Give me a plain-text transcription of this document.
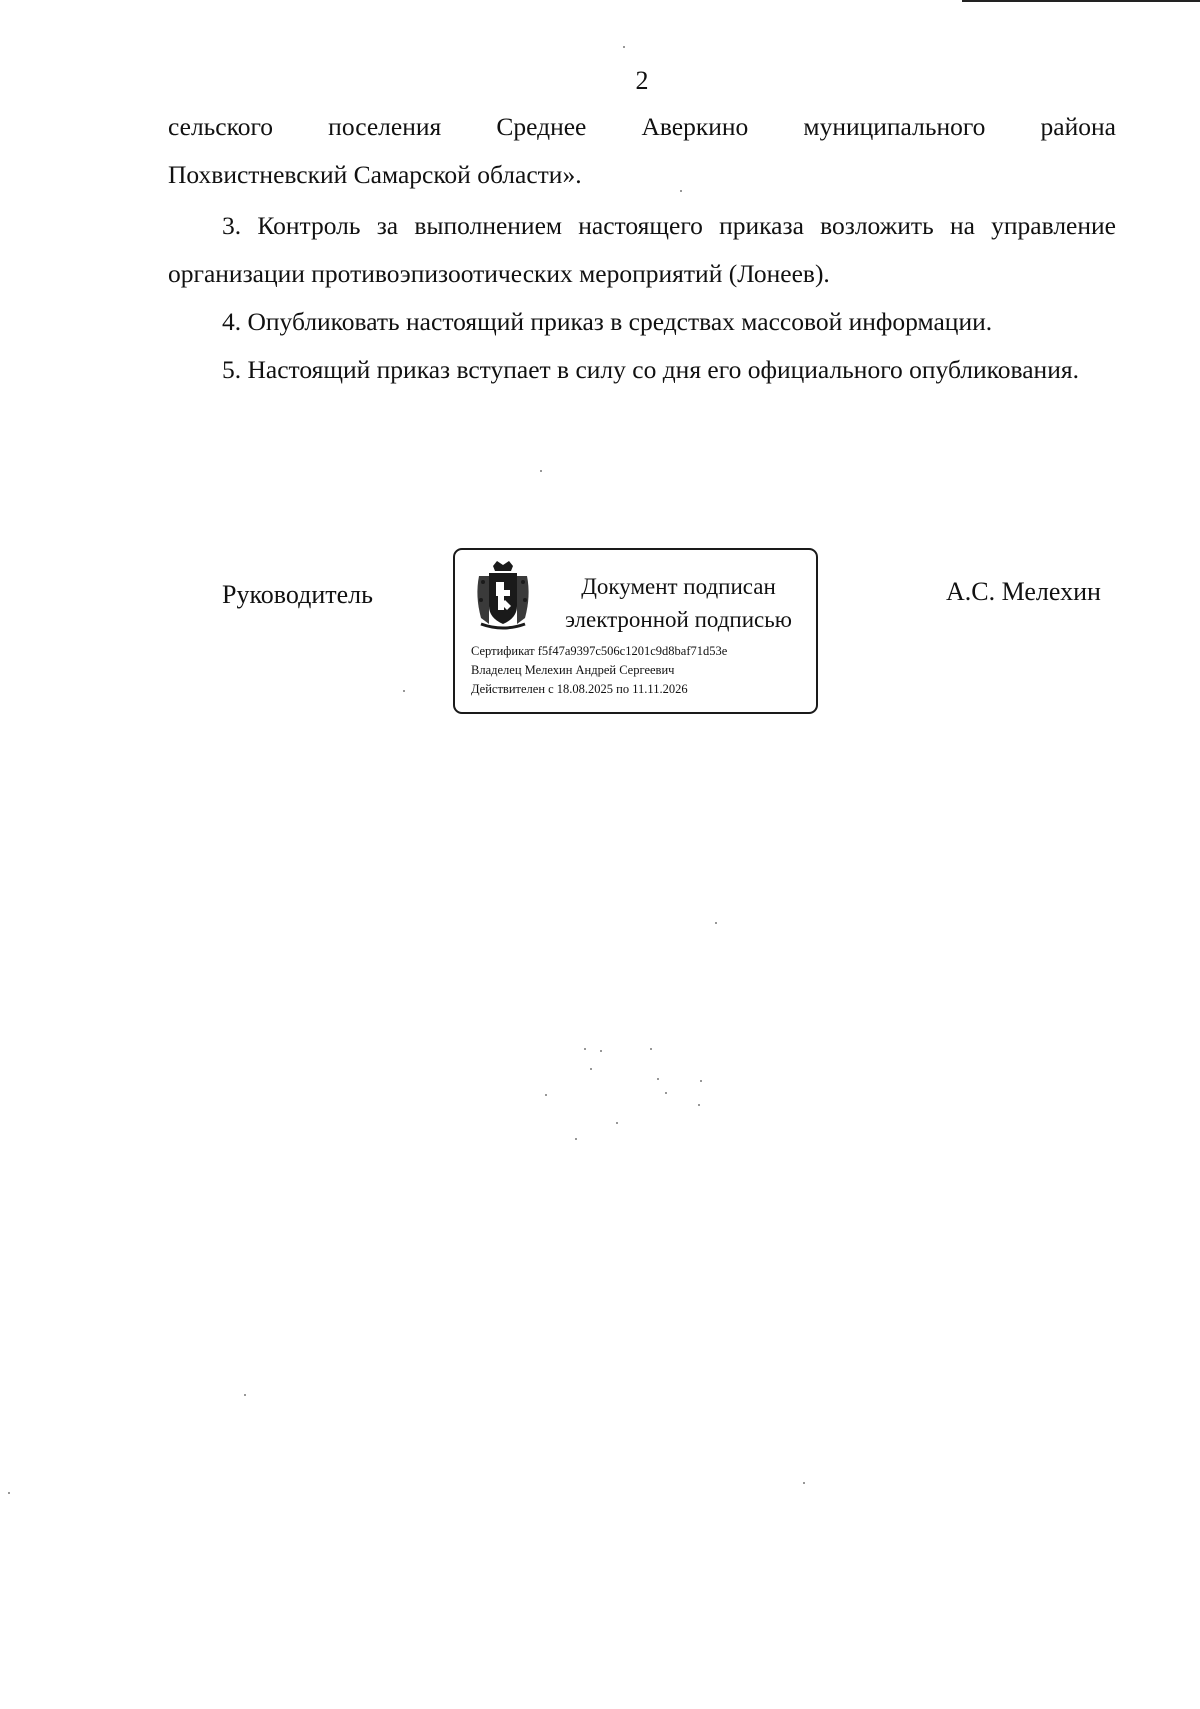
2

сельского поселения Среднее Аверкино муниципального района

Похвистневский Самарской области».

3. Контроль за выполнением настоящего приказа возложить на управление организации противоэпизоотических мероприятий (Лонеев).

4. Опубликовать настоящий приказ в средствах массовой информации.

5. Настоящий приказ вступает в силу со дня его официального опубликования.

Руководитель	Документ подписан
электронной подписью
Сертификат f5f47a9397c506c1201c9d8baf71d53e
Владелец Мелехин Андрей Сергеевич
Действителен с 18.08.2025 по 11.11.2026
А.С. Мелехин
